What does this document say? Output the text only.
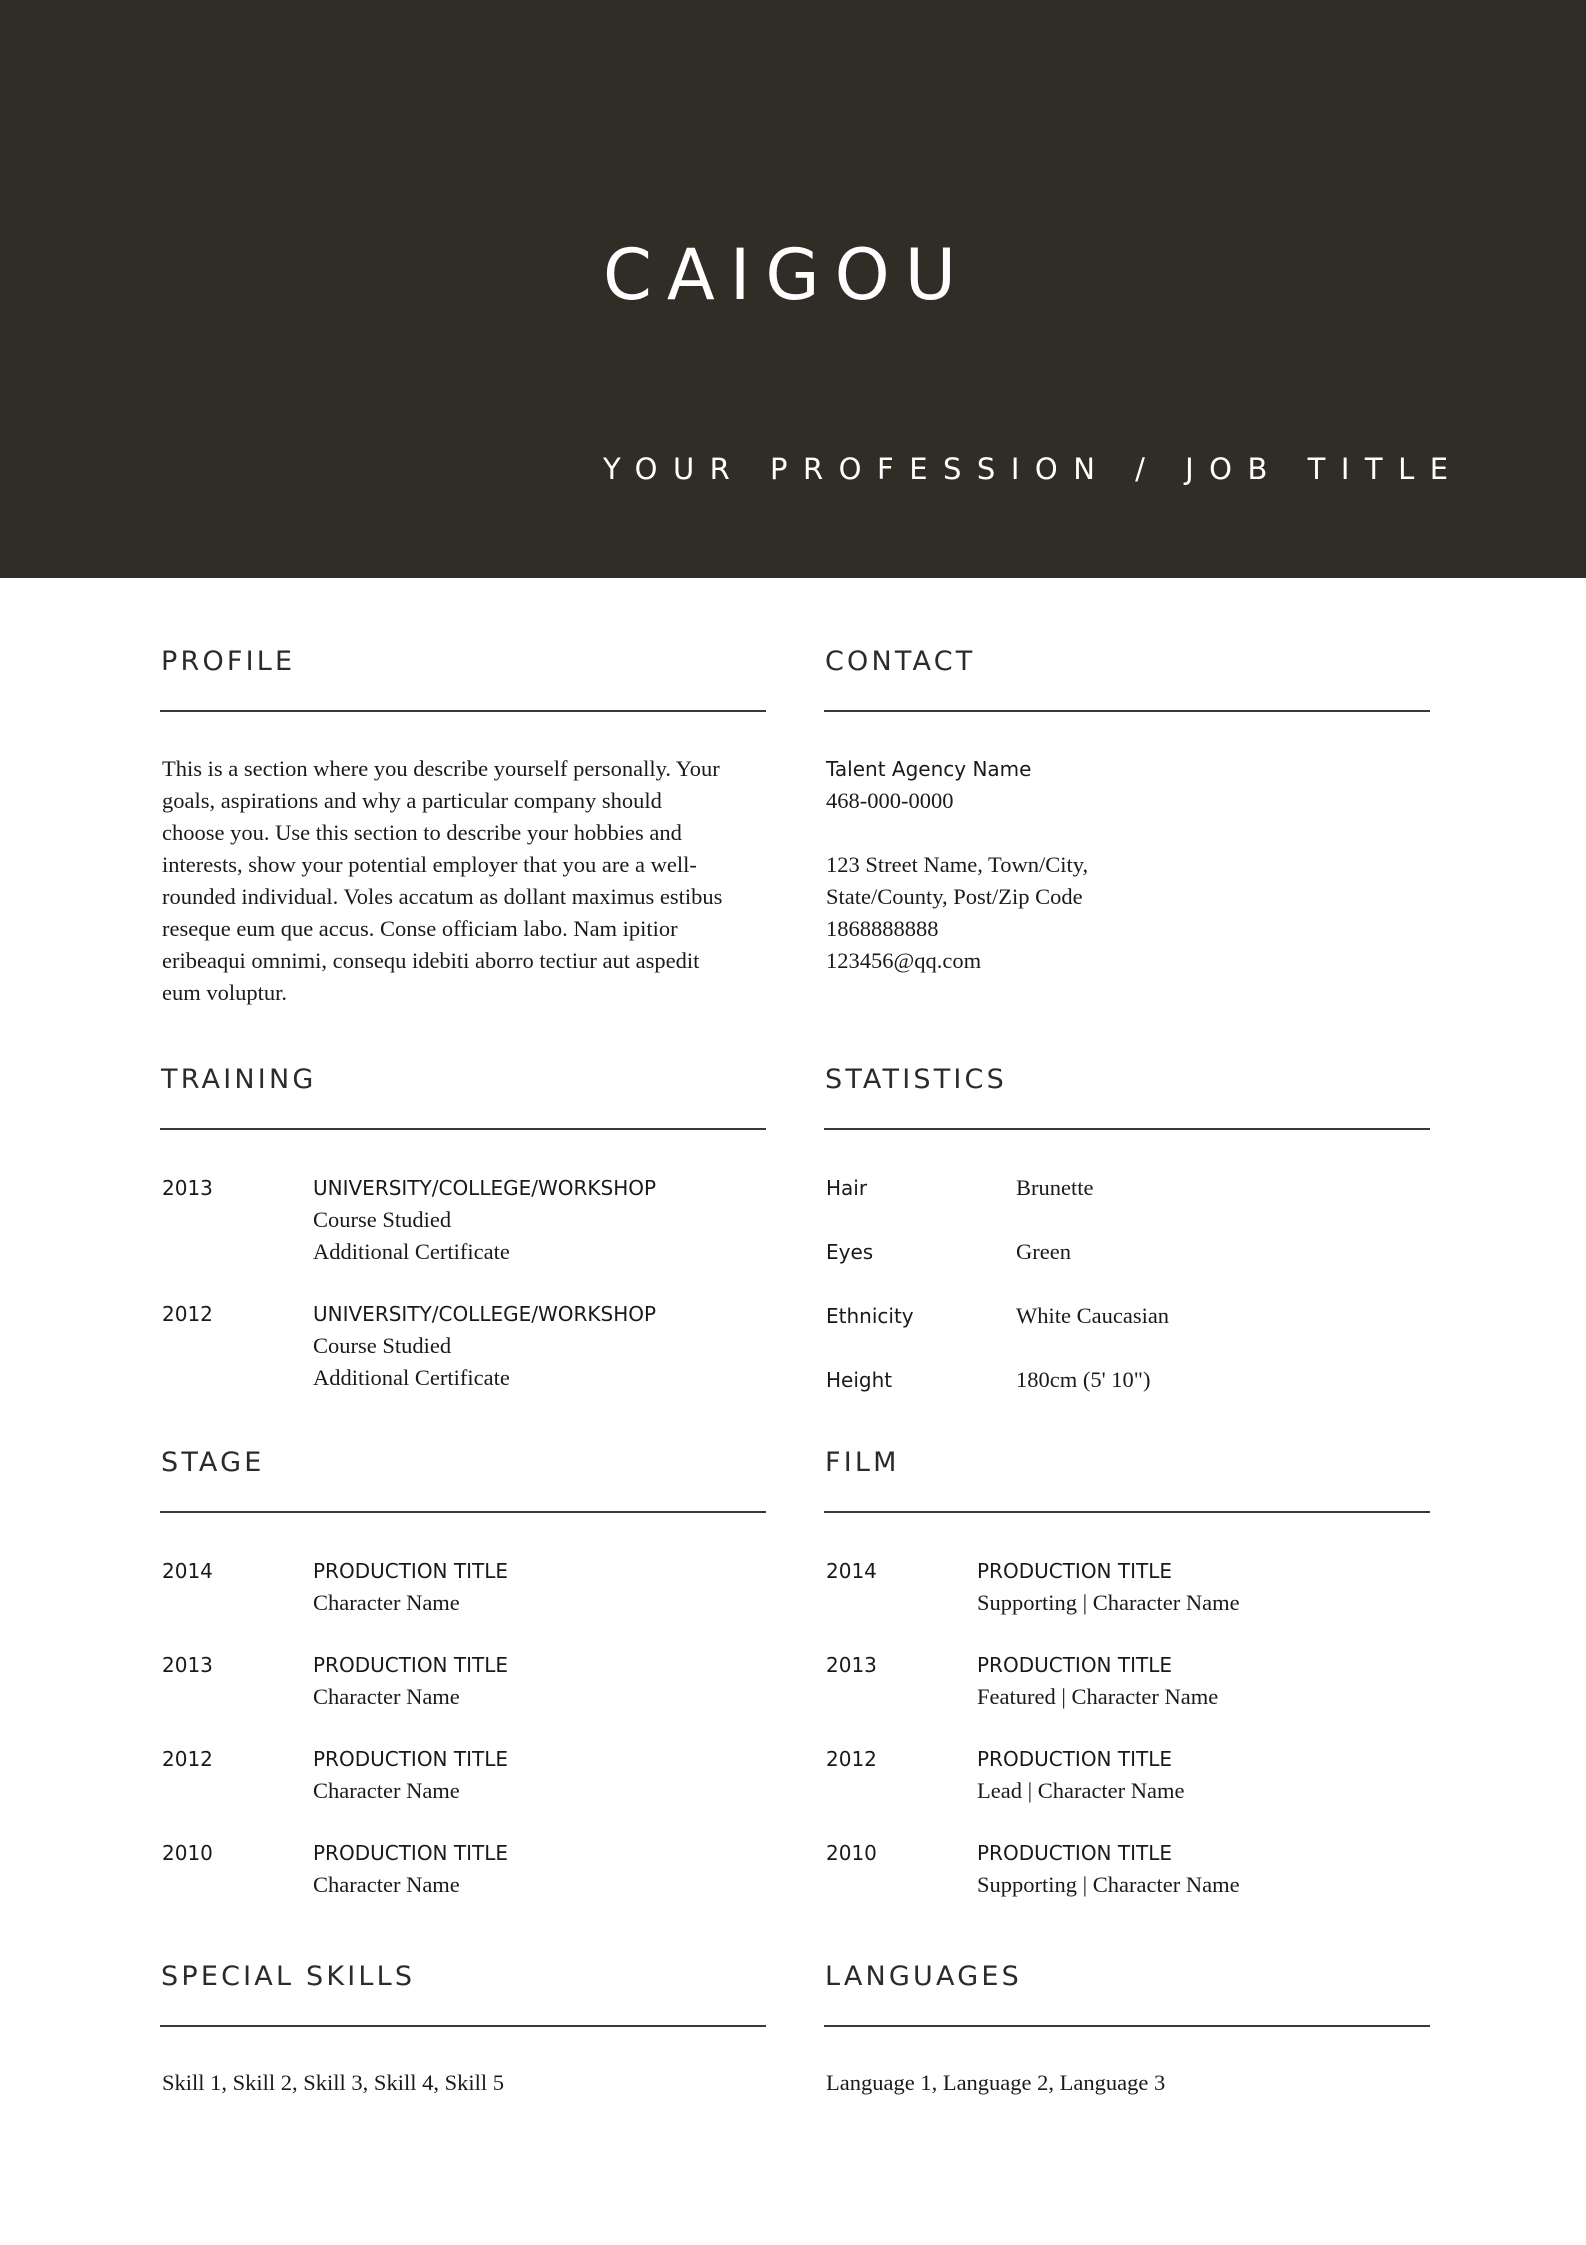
CAIGOU
YOUR PROFESSION / JOB TITLE
PROFILE

This is a section where you describe yourself personally. Your

goals, aspirations and why a particular company should

choose you. Use this section to describe your hobbies and

interests, show your potential employer that you are a well-

rounded individual. Voles accatum as dollant maximus estibus

reseque eum que accus. Conse officiam labo. Nam ipitior

eribeaqui omnimi, consequ idebiti aborro tectiur aut aspedit

eum voluptur.

CONTACT
Talent Agency Name
468-000-0000
123 Street Name, Town/City,
State/County, Post/Zip Code
1868888888
123456@qq.com
TRAINING
2013	UNIVERSITY/COLLEGE/WORKSHOP
Course Studied
Additional Certificate
2012	UNIVERSITY/COLLEGE/WORKSHOP
Course Studied
Additional Certificate
STATISTICS
Hair	Brunette
Eyes	Green
Ethnicity	White Caucasian
Height	180cm (5' 10")
STAGE
2014	PRODUCTION TITLE
Character Name
2013	PRODUCTION TITLE
Character Name
2012	PRODUCTION TITLE
Character Name
2010	PRODUCTION TITLE
Character Name
FILM
2014	PRODUCTION TITLE
Supporting | Character Name
2013	PRODUCTION TITLE
Featured | Character Name
2012	PRODUCTION TITLE
Lead | Character Name
2010	PRODUCTION TITLE
Supporting | Character Name
SPECIAL SKILLS
Skill 1, Skill 2, Skill 3, Skill 4, Skill 5
LANGUAGES
Language 1, Language 2, Language 3
